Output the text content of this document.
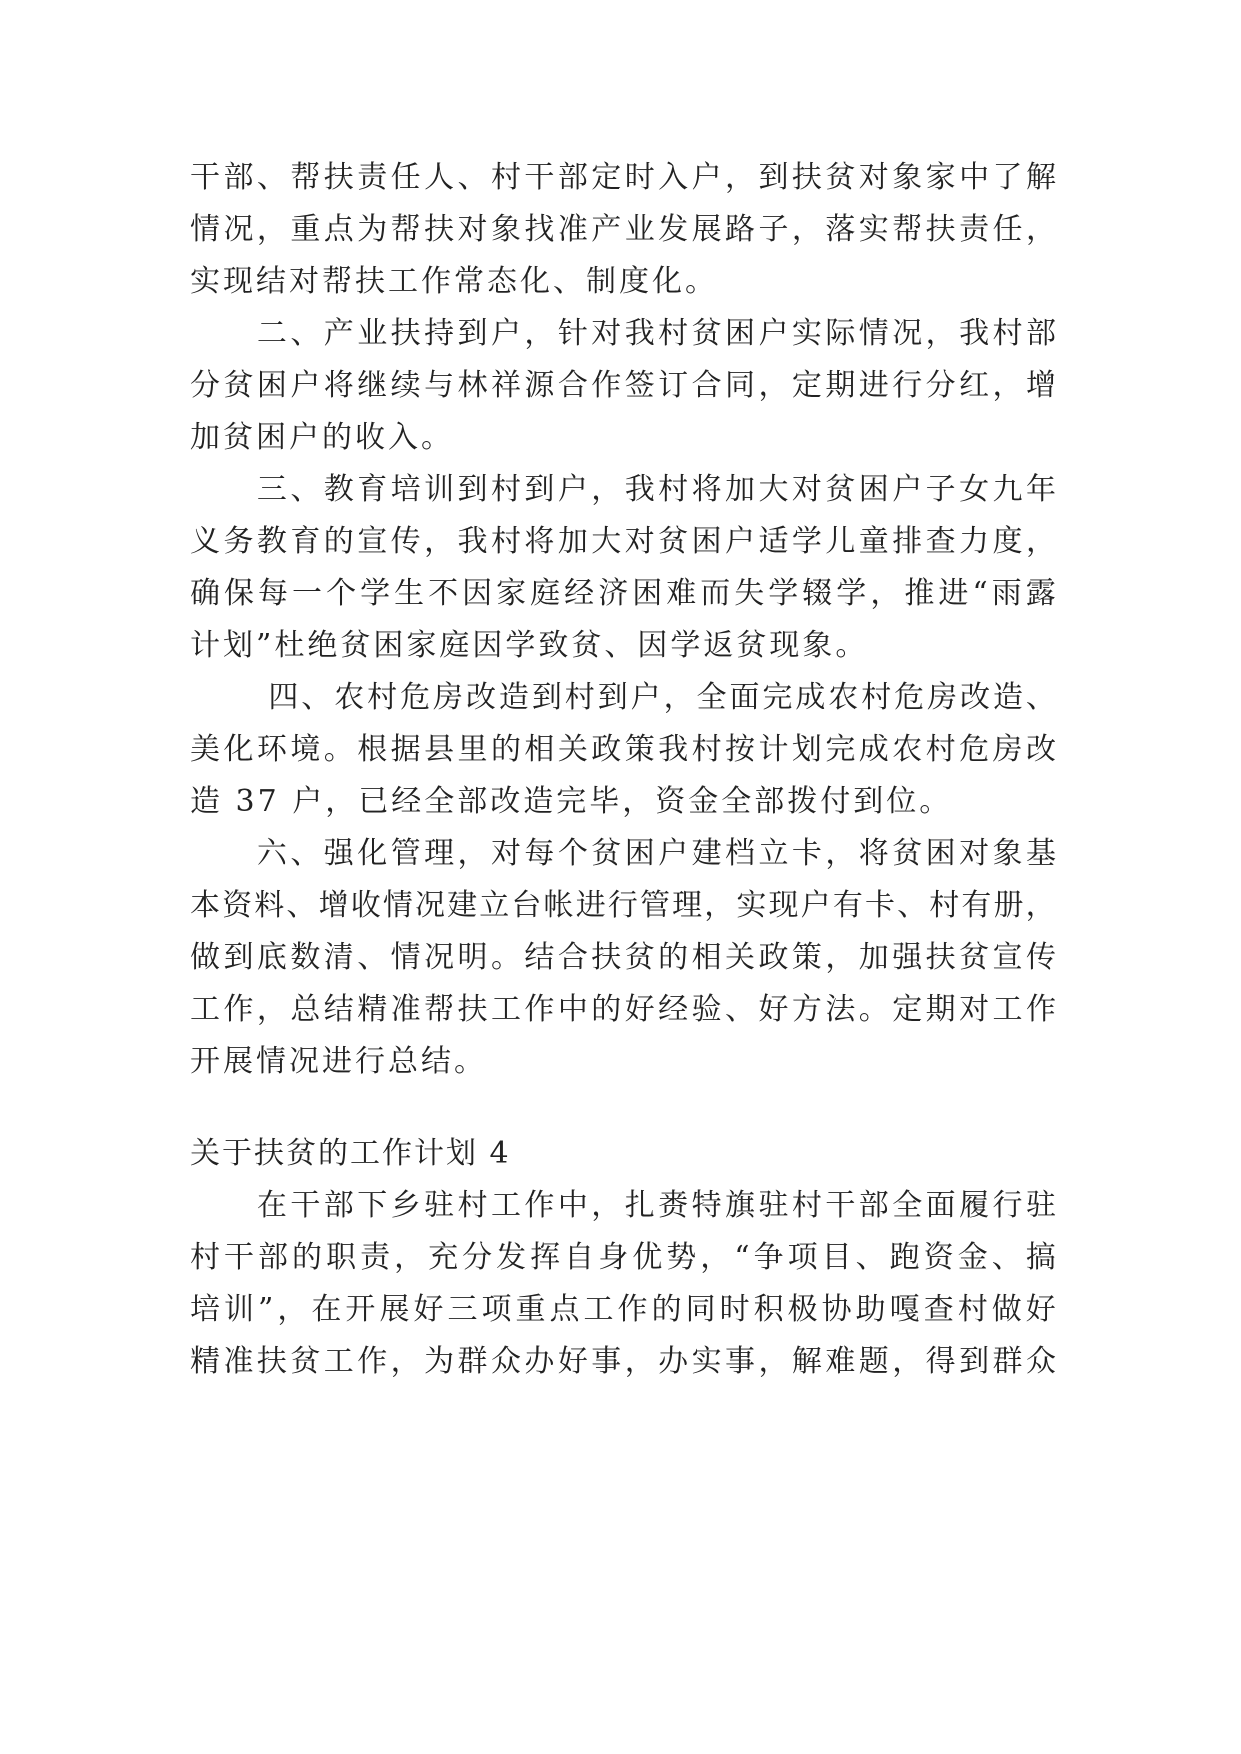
干 部 、 帮 扶 责 任 人 、 村 干 部 定 时 入 户 ， 到 扶 贫 对 象 家 中 了 解
情 况 ， 重 点 为 帮 扶 对 象 找 准 产 业 发 展 路 子 ， 落 实 帮 扶 责 任 ，
实现结对帮扶工作常态化、制度化。

二 、 产 业 扶 持 到 户 ， 针 对 我 村 贫 困 户 实 际 情 况 ， 我 村 部
分 贫 困 户 将 继 续 与 林 祥 源 合 作 签 订 合 同 ， 定 期 进 行 分 红 ， 增
加贫困户的收入。

三 、 教 育 培 训 到 村 到 户 ， 我 村 将 加 大 对 贫 困 户 子 女 九 年
义 务 教 育 的 宣 传 ， 我 村 将 加 大 对 贫 困 户 适 学 儿 童 排 查 力 度 ，
确 保 每 一 个 学 生 不 因 家 庭 经 济 困 难 而 失 学 辍 学 ， 推 进 “ 雨 露
计划”杜绝贫困家庭因学致贫、因学返贫现象。

四 、 农 村 危 房 改 造 到 村 到 户 ， 全 面 完 成 农 村 危 房 改 造 、
美 化 环 境 。 根 据 县 里 的 相 关 政 策 我 村 按 计 划 完 成 农 村 危 房 改
造 37 户，已经全部改造完毕，资金全部拨付到位。

六 、 强 化 管 理 ， 对 每 个 贫 困 户 建 档 立 卡 ， 将 贫 困 对 象 基
本 资 料 、 增 收 情 况 建 立 台 帐 进 行 管 理 ， 实 现 户 有 卡 、 村 有 册 ，
做 到 底 数 清 、 情 况 明 。 结 合 扶 贫 的 相 关 政 策 ， 加 强 扶 贫 宣 传
工 作 ， 总 结 精 准 帮 扶 工 作 中 的 好 经 验 、 好 方 法 。 定 期 对 工 作
开展情况进行总结。
关于扶贫的工作计划 4

在 干 部 下 乡 驻 村 工 作 中 ， 扎 赉 特 旗 驻 村 干 部 全 面 履 行 驻
村 干 部 的 职 责 ， 充 分 发 挥 自 身 优 势 ， “ 争 项 目 、 跑 资 金 、 搞
培 训 ” ， 在 开 展 好 三 项 重 点 工 作 的 同 时 积 极 协 助 嘎 查 村 做 好
精 准 扶 贫 工 作 ， 为 群 众 办 好 事 ， 办 实 事 ， 解 难 题 ， 得 到 群 众
